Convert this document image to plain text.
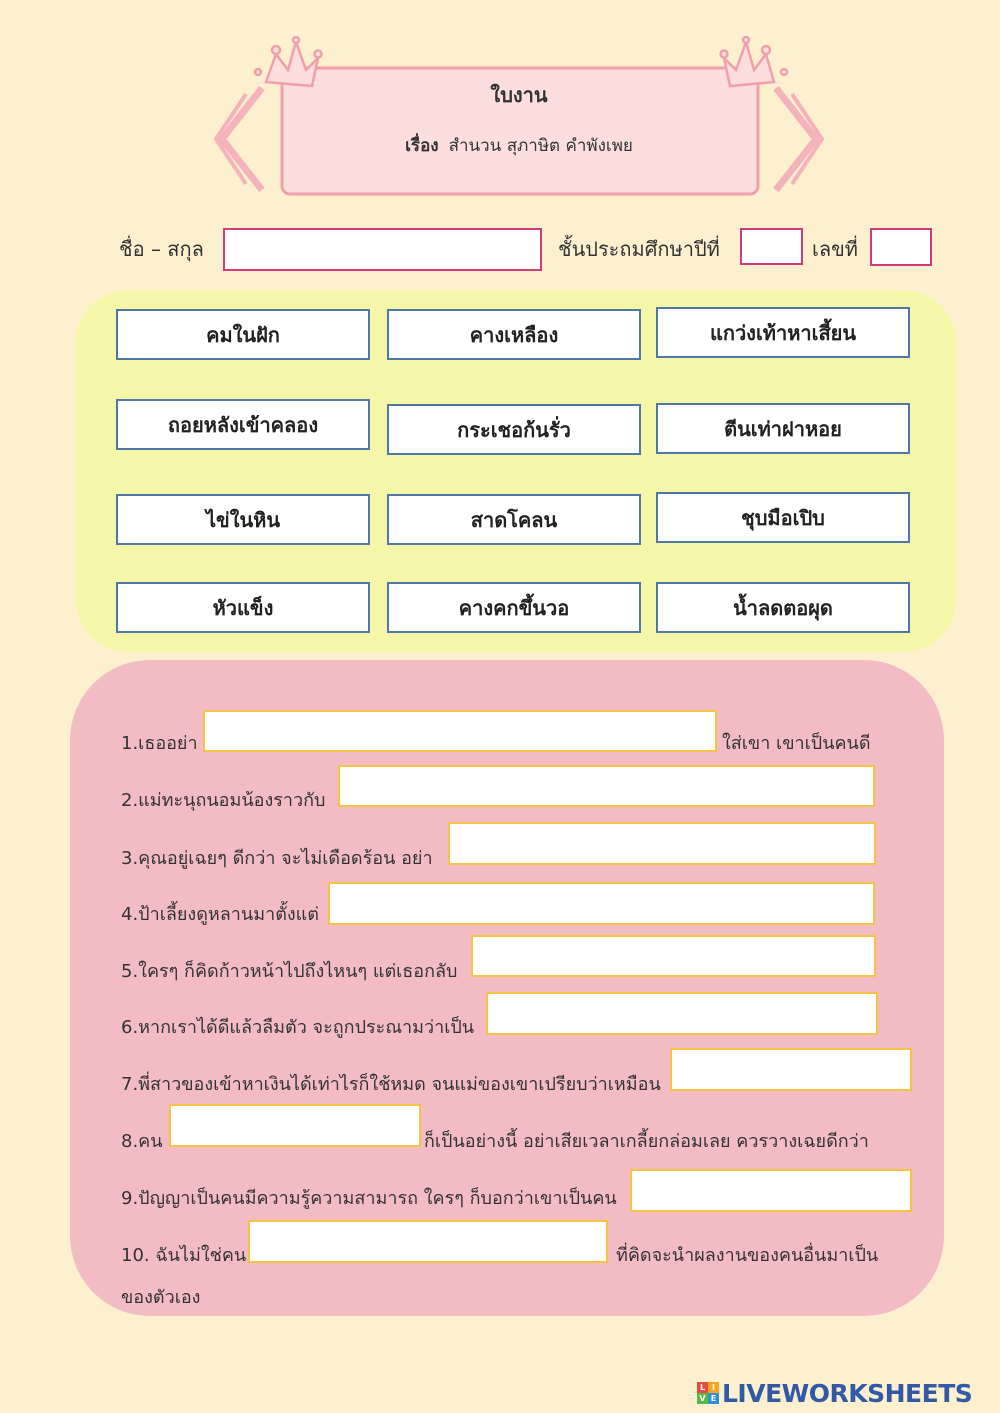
ใบงาน
เรื่อง สำนวน สุภาษิต คำพังเพย
ชื่อ – สกุล	ชั้นประถมศึกษาปีที่	เลขที่
คมในฝัก	คางเหลือง	แกว่งเท้าหาเสี้ยน
ถอยหลังเข้าคลอง	กระเชอก้นรั่ว	ตีนเท่าฝาหอย
ไข่ในหิน	สาดโคลน	ชุบมือเปิบ
หัวแข็ง	คางคกขึ้นวอ	น้ำลดตอผุด
1.เธออย่า	ใส่เขา เขาเป็นคนดี
2.แม่ทะนุถนอมน้องราวกับ
3.คุณอยู่เฉยๆ ดีกว่า จะไม่เดือดร้อน อย่า
4.ป้าเลี้ยงดูหลานมาตั้งแต่
5.ใครๆ ก็คิดก้าวหน้าไปถึงไหนๆ แต่เธอกลับ
6.หากเราได้ดีแล้วลืมตัว จะถูกประณามว่าเป็น
7.พี่สาวของเข้าหาเงินได้เท่าไรก็ใช้หมด จนแม่ของเขาเปรียบว่าเหมือน
8.คน	ก็เป็นอย่างนี้ อย่าเสียเวลาเกลี้ยกล่อมเลย ควรวางเฉยดีกว่า
9.ปัญญาเป็นคนมีความรู้ความสามารถ ใครๆ ก็บอกว่าเขาเป็นคน
10. ฉันไม่ใช่คน	ที่คิดจะนำผลงานของคนอื่นมาเป็น
ของตัวเอง
L I
V E LIVEWORKSHEETS
